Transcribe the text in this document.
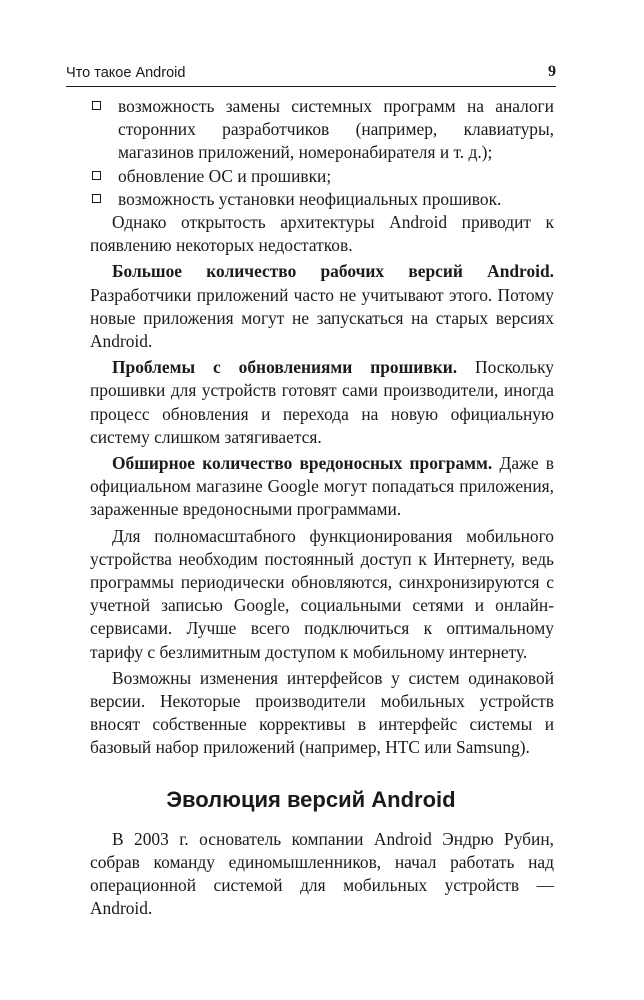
Что такое Android	9
возможность замены системных программ на аналоги сторонних разработчиков (например, клавиатуры, магазинов приложений, номеронабирателя и т. д.);
обновление ОС и прошивки;
возможность установки неофициальных прошивок.

Однако открытость архитектуры Android приводит к появлению некоторых недостатков.

Большое количество рабочих версий Android. Разработчики приложений часто не учитывают этого. Потому новые приложения могут не запускаться на старых версиях Android.

Проблемы с обновлениями прошивки. Поскольку прошивки для устройств готовят сами производители, иногда процесс обновления и перехода на новую официальную систему слишком затягивается.

Обширное количество вредоносных программ. Даже в официальном магазине Google могут попадаться приложения, зараженные вредоносными программами.

Для полномасштабного функционирования мобильного устройства необходим постоянный доступ к Интернету, ведь программы периодически обновляются, синхронизируются с учетной записью Google, социальными сетями и онлайн-сервисами. Лучше всего подключиться к оптимальному тарифу с безлимитным доступом к мобильному интернету.

Возможны изменения интерфейсов у систем одинаковой версии. Некоторые производители мобильных устройств вносят собственные коррективы в интерфейс системы и базовый набор приложений (например, HTC или Samsung).

Эволюция версий Android

В 2003 г. основатель компании Android Эндрю Рубин, собрав команду единомышленников, начал работать над операционной системой для мобильных устройств — Android.
